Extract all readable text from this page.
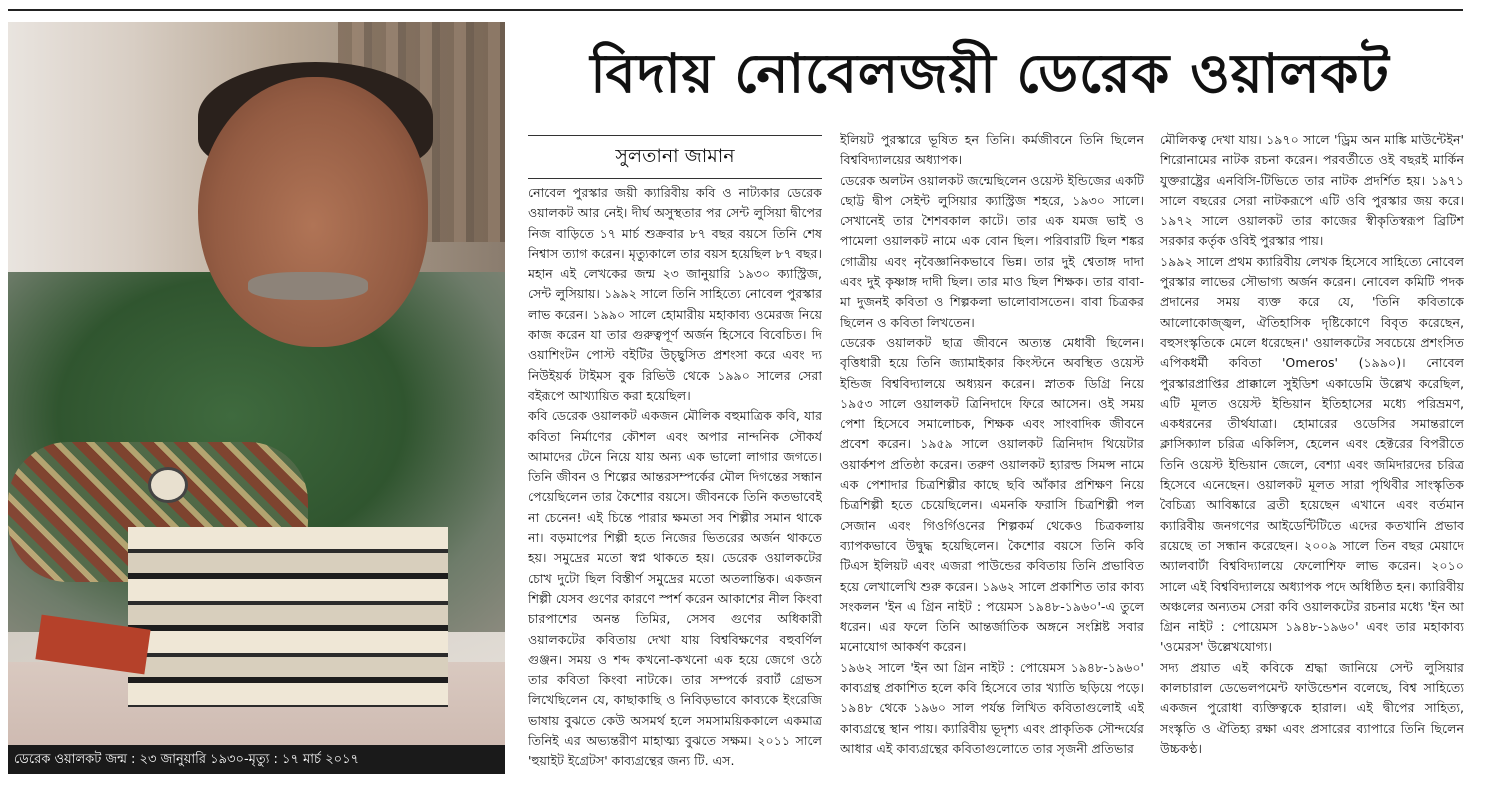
ডেরেক ওয়ালকট জন্ম : ২৩ জানুয়ারি ১৯৩০-মৃত্যু : ১৭ মার্চ ২০১৭
বিদায় নোবেলজয়ী ডেরেক ওয়ালকট
সুলতানা জামান

নোবেল পুরস্কার জয়ী ক্যারিবীয় কবি ও নাট্যকার ডেরেক ওয়ালকট আর নেই। দীর্ঘ অসুস্থতার পর সেন্ট লুসিয়া দ্বীপের নিজ বাড়িতে ১৭ মার্চ শুক্রবার ৮৭ বছর বয়সে তিনি শেষ নিশ্বাস ত্যাগ করেন। মৃত্যুকালে তার বয়স হয়েছিল ৮৭ বছর। মহান এই লেখকের জন্ম ২৩ জানুয়ারি ১৯৩০ ক্যাস্ট্রিজ, সেন্ট লুসিয়ায়। ১৯৯২ সালে তিনি সাহিত্যে নোবেল পুরস্কার লাভ করেন। ১৯৯০ সালে হোমারীয় মহাকাব্য ওমেরজ নিয়ে কাজ করেন যা তার গুরুত্বপূর্ণ অর্জন হিসেবে বিবেচিত। দি ওয়াশিংটন পোস্ট বইটির উচ্ছ্বসিত প্রশংসা করে এবং দ্য নিউইয়র্ক টাইমস বুক রিভিউ থেকে ১৯৯০ সালের সেরা বইরূপে আখ্যায়িত করা হয়েছিল।

কবি ডেরেক ওয়ালকট একজন মৌলিক বহুমাত্রিক কবি, যার কবিতা নির্মাণের কৌশল এবং অপার নান্দনিক সৌকর্য আমাদের টেনে নিয়ে যায় অন্য এক ভালো লাগার জগতে। তিনি জীবন ও শিল্পের আন্তরসম্পর্কের মৌল দিগন্তের সন্ধান পেয়েছিলেন তার কৈশোর বয়সে। জীবনকে তিনি কতভাবেই না চেনেন! এই চিন্তে পারার ক্ষমতা সব শিল্পীর সমান থাকে না। বড়মাপের শিল্পী হতে নিজের ভিতরের অর্জন থাকতে হয়। সমুদ্রের মতো স্বপ্ন থাকতে হয়। ডেরেক ওয়ালকটের চোখ দুটো ছিল বিস্তীর্ণ সমুদ্রের মতো অতলান্তিক। একজন শিল্পী যেসব গুণের কারণে স্পর্শ করেন আকাশের নীল কিংবা চারপাশের অনন্ত তিমির, সেসব গুণের অধিকারী ওয়ালকটের কবিতায় দেখা যায় বিশ্ববিক্ষণের বহুবর্ণিল গুঞ্জন। সময় ও শব্দ কখনো-কখনো এক হয়ে জেগে ওঠে তার কবিতা কিংবা নাটকে। তার সম্পর্কে রবার্ট গ্রেভস লিখেছিলেন যে, কাছাকাছি ও নিবিড়ভাবে কাব্যকে ইংরেজি ভাষায় বুঝতে কেউ অসমর্থ হলে সমসাময়িককালে একমাত্র তিনিই এর অভ্যন্তরীণ মাহাত্ম্য বুঝতে সক্ষম। ২০১১ সালে 'হুয়াইট ইগ্রেটস' কাব্যগ্রন্থের জন্য টি. এস.

ইলিয়ট পুরস্কারে ভূষিত হন তিনি। কর্মজীবনে তিনি ছিলেন বিশ্ববিদ্যালয়ের অধ্যাপক।

ডেরেক অলটন ওয়ালকট জন্মেছিলেন ওয়েস্ট ইন্ডিজের একটি ছোট্ট দ্বীপ সেইন্ট লুসিয়ার ক্যাস্ট্রিজ শহরে, ১৯৩০ সালে। সেখানেই তার শৈশবকাল কাটে। তার এক যমজ ভাই ও পামেলা ওয়ালকট নামে এক বোন ছিল। পরিবারটি ছিল শঙ্কর গোত্রীয় এবং নৃবৈজ্ঞানিকভাবে ভিন্ন। তার দুই শ্বেতাঙ্গ দাদা এবং দুই কৃষ্ণাঙ্গ দাদী ছিল। তার মাও ছিল শিক্ষক। তার বাবা-মা দুজনই কবিতা ও শিল্পকলা ভালোবাসতেন। বাবা চিত্রকর ছিলেন ও কবিতা লিখতেন।

ডেরেক ওয়ালকট ছাত্র জীবনে অত্যন্ত মেধাবী ছিলেন। বৃত্তিধারী হয়ে তিনি জ্যামাইকার কিংস্টনে অবস্থিত ওয়েস্ট ইন্ডিজ বিশ্ববিদ্যালয়ে অধ্যয়ন করেন। স্নাতক ডিগ্রি নিয়ে ১৯৫৩ সালে ওয়ালকট ত্রিনিদাদে ফিরে আসেন। ওই সময় পেশা হিসেবে সমালোচক, শিক্ষক এবং সাংবাদিক জীবনে প্রবেশ করেন। ১৯৫৯ সালে ওয়ালকট ত্রিনিদাদ থিয়েটার ওয়ার্কশপ প্রতিষ্ঠা করেন। তরুণ ওয়ালকট হ্যারল্ড সিমন্স নামে এক পেশাদার চিত্রশিল্পীর কাছে ছবি আঁকার প্রশিক্ষণ নিয়ে চিত্রশিল্পী হতে চেয়েছিলেন। এমনকি ফরাসি চিত্রশিল্পী পল সেজান এবং গিওর্গিওনের শিল্পকর্ম থেকেও চিত্রকলায় ব্যাপকভাবে উদ্বুদ্ধ হয়েছিলেন। কৈশোর বয়সে তিনি কবি টিএস ইলিয়ট এবং এজরা পাউন্ডের কবিতায় তিনি প্রভাবিত হয়ে লেখালেখি শুরু করেন। ১৯৬২ সালে প্রকাশিত তার কাব্য সংকলন 'ইন এ গ্রিন নাইট : পয়েমস ১৯৪৮-১৯৬০'-এ তুলে ধরেন। এর ফলে তিনি আন্তর্জাতিক অঙ্গনে সংশ্লিষ্ট সবার মনোযোগ আকর্ষণ করেন।

১৯৬২ সালে 'ইন আ গ্রিন নাইট : পোয়েমস ১৯৪৮-১৯৬০' কাব্যগ্রন্থ প্রকাশিত হলে কবি হিসেবে তার খ্যাতি ছড়িয়ে পড়ে। ১৯৪৮ থেকে ১৯৬০ সাল পর্যন্ত লিখিত কবিতাগুলোই এই কাব্যগ্রন্থে স্থান পায়। ক্যারিবীয় ভূদৃশ্য এবং প্রাকৃতিক সৌন্দর্যের আধার এই কাব্যগ্রন্থের কবিতাগুলোতে তার সৃজনী প্রতিভার

মৌলিকত্ব দেখা যায়। ১৯৭০ সালে 'ড্রিম অন মাঙ্কি মাউন্টেইন' শিরোনামের নাটক রচনা করেন। পরবর্তীতে ওই বছরই মার্কিন যুক্তরাষ্ট্রের এনবিসি-টিভিতে তার নাটক প্রদর্শিত হয়। ১৯৭১ সালে বছরের সেরা নাটকরূপে এটি ওবি পুরস্কার জয় করে। ১৯৭২ সালে ওয়ালকট তার কাজের স্বীকৃতিস্বরূপ ব্রিটিশ সরকার কর্তৃক ওবিই পুরস্কার পায়।

১৯৯২ সালে প্রথম ক্যারিবীয় লেখক হিসেবে সাহিত্যে নোবেল পুরস্কার লাভের সৌভাগ্য অর্জন করেন। নোবেল কমিটি পদক প্রদানের সময় ব্যক্ত করে যে, 'তিনি কবিতাকে আলোকোজ্জ্বল, ঐতিহাসিক দৃষ্টিকোণে বিবৃত করেছেন, বহুসংস্কৃতিকে মেলে ধরেছেন।' ওয়ালকটের সবচেয়ে প্রশংসিত এপিকধর্মী কবিতা 'Omeros' (১৯৯০)। নোবেল পুরস্কারপ্রাপ্তির প্রাক্কালে সুইডিশ একাডেমি উল্লেখ করেছিল, এটি মূলত ওয়েস্ট ইন্ডিয়ান ইতিহাসের মধ্যে পরিভ্রমণ, একধরনের তীর্থযাত্রা। হোমারের ওডেসির সমান্তরালে ক্লাসিক্যাল চরিত্র একিলিস, হেলেন এবং হেক্টরের বিপরীতে তিনি ওয়েস্ট ইন্ডিয়ান জেলে, বেশ্যা এবং জমিদারদের চরিত্র হিসেবে এনেছেন। ওয়ালকট মূলত সারা পৃথিবীর সাংস্কৃতিক বৈচিত্র্য আবিষ্কারে ব্রতী হয়েছেন এখানে এবং বর্তমান ক্যারিবীয় জনগণের আইডেন্টিটিতে এদের কতখানি প্রভাব রয়েছে তা সন্ধান করেছেন। ২০০৯ সালে তিন বছর মেয়াদে অ্যালবার্টা বিশ্ববিদ্যালয়ে ফেলোশিফ লাভ করেন। ২০১০ সালে এই বিশ্ববিদ্যালয়ে অধ্যাপক পদে অধিষ্ঠিত হন। ক্যারিবীয় অঞ্চলের অন্যতম সেরা কবি ওয়ালকটের রচনার মধ্যে 'ইন আ গ্রিন নাইট : পোয়েমস ১৯৪৮-১৯৬০' এবং তার মহাকাব্য 'ওমেরস' উল্লেখযোগ্য।

সদ্য প্রয়াত এই কবিকে শ্রদ্ধা জানিয়ে সেন্ট লুসিয়ার কালচারাল ডেভেলপমেন্ট ফাউন্ডেশন বলেছে, বিশ্ব সাহিত্যে একজন পুরোধা ব্যক্তিত্বকে হারাল। এই দ্বীপের সাহিত্য, সংস্কৃতি ও ঐতিহ্য রক্ষা এবং প্রসারের ব্যাপারে তিনি ছিলেন উচ্চকণ্ঠ।
